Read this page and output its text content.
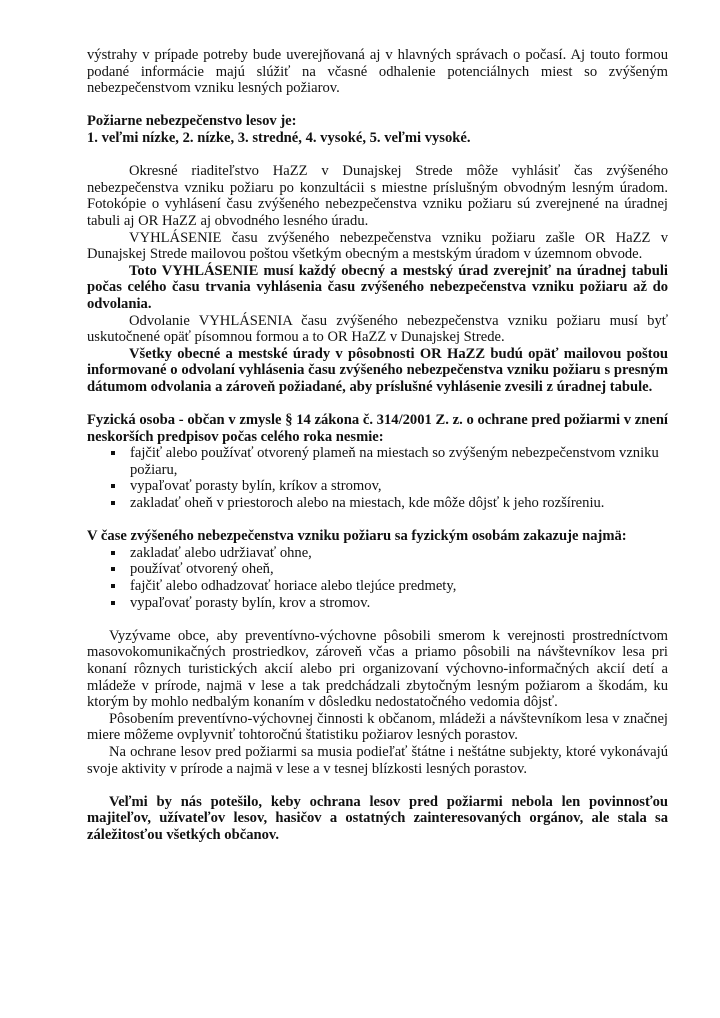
výstrahy v prípade potreby bude uverejňovaná aj v hlavných správach o počasí. Aj touto formou podané informácie majú slúžiť na včasné odhalenie potenciálnych miest so zvýšeným nebezpečenstvom vzniku lesných požiarov.

Požiarne nebezpečenstvo lesov je:

1. veľmi nízke, 2. nízke, 3. stredné, 4. vysoké, 5. veľmi vysoké.

Okresné riaditeľstvo HaZZ v Dunajskej Strede môže vyhlásiť čas zvýšeného nebezpečenstva vzniku požiaru po konzultácii s miestne príslušným obvodným lesným úradom. Fotokópie o vyhlásení času zvýšeného nebezpečenstva vzniku požiaru sú zverejnené na úradnej tabuli aj OR HaZZ aj obvodného lesného úradu.

VYHLÁSENIE času zvýšeného nebezpečenstva vzniku požiaru zašle OR HaZZ v Dunajskej Strede mailovou poštou všetkým obecným a mestským úradom v územnom obvode.

Toto VYHLÁSENIE musí každý obecný a mestský úrad zverejniť na úradnej tabuli počas celého času trvania vyhlásenia času zvýšeného nebezpečenstva vzniku požiaru až do odvolania.

Odvolanie VYHLÁSENIA času zvýšeného nebezpečenstva vzniku požiaru musí byť uskutočnené opäť písomnou formou a to OR HaZZ v Dunajskej Strede.

Všetky obecné a mestské úrady v pôsobnosti OR HaZZ budú opäť mailovou poštou informované o odvolaní vyhlásenia času zvýšeného nebezpečenstva vzniku požiaru s presným dátumom odvolania a zároveň požiadané, aby príslušné vyhlásenie zvesili z úradnej tabule.

Fyzická osoba - občan v zmysle § 14 zákona č. 314/2001 Z. z. o ochrane pred požiarmi v znení neskorších predpisov počas celého roka nesmie:

fajčiť alebo používať otvorený plameň na miestach so zvýšeným nebezpečenstvom vzniku požiaru,
vypaľovať porasty bylín, kríkov a stromov,
zakladať oheň v priestoroch alebo na miestach, kde môže dôjsť k jeho rozšíreniu.

V čase zvýšeného nebezpečenstva vzniku požiaru sa fyzickým osobám zakazuje najmä:

zakladať alebo udržiavať ohne,
používať otvorený oheň,
fajčiť alebo odhadzovať horiace alebo tlejúce predmety,
vypaľovať porasty bylín, krov a stromov.

Vyzývame obce, aby preventívno-výchovne pôsobili smerom k verejnosti prostredníctvom masovokomunikačných prostriedkov, zároveň včas a priamo pôsobili na návštevníkov lesa pri konaní rôznych turistických akcií alebo pri organizovaní výchovno-informačných akcií detí a mládeže v prírode, najmä v lese a tak predchádzali zbytočným lesným požiarom a škodám, ku ktorým by mohlo nedbalým konaním v dôsledku nedostatočného vedomia dôjsť.

Pôsobením preventívno-výchovnej činnosti k občanom, mládeži a návštevníkom lesa v značnej miere môžeme ovplyvniť tohtoročnú štatistiku požiarov lesných porastov.

Na ochrane lesov pred požiarmi sa musia podieľať štátne i neštátne subjekty, ktoré vykonávajú svoje aktivity v prírode a najmä v lese a v tesnej blízkosti lesných porastov.

Veľmi by nás potešilo, keby ochrana lesov pred požiarmi nebola len povinnosťou majiteľov, užívateľov lesov, hasičov a ostatných zainteresovaných orgánov, ale stala sa záležitosťou všetkých občanov.
